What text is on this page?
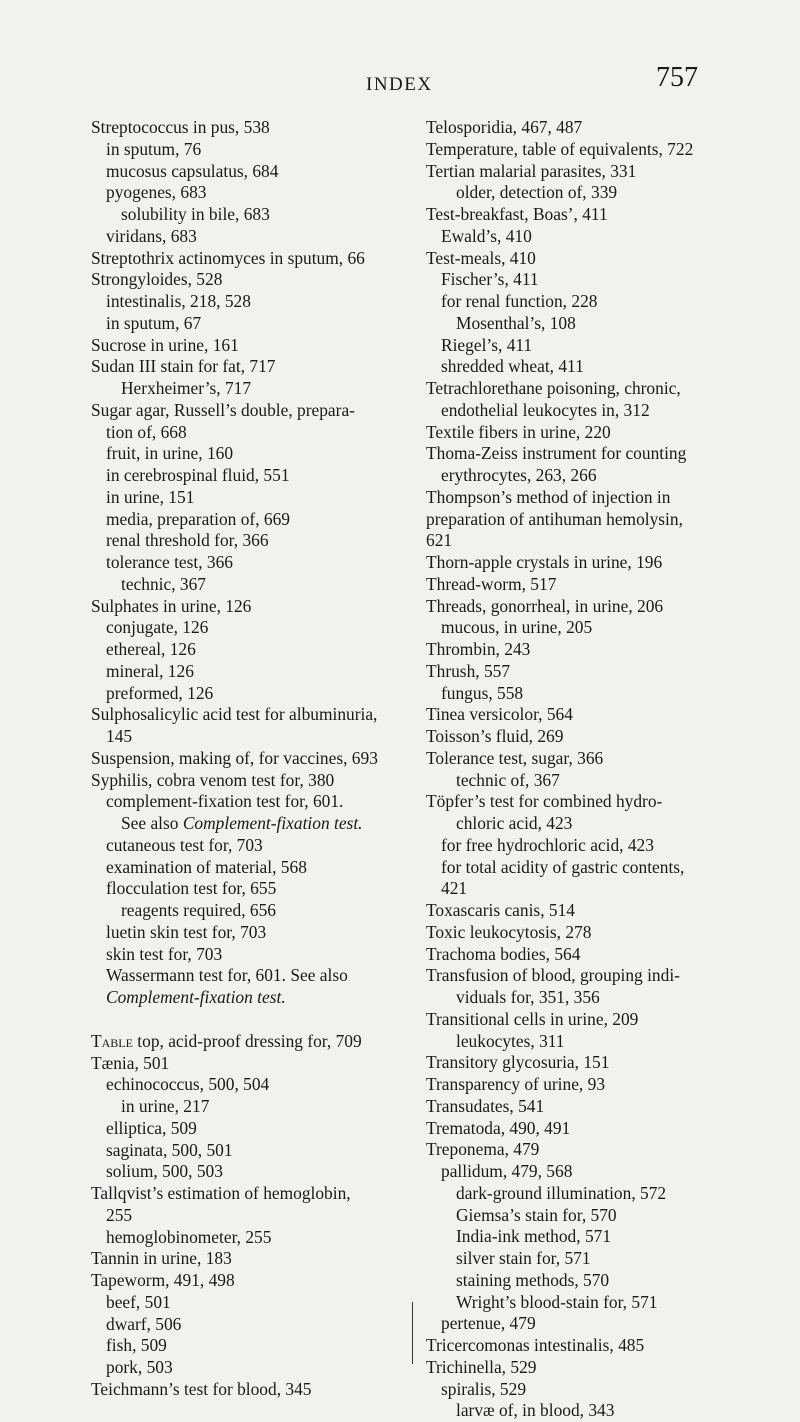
INDEX	757
Streptococcus in pus, 538
in sputum, 76
mucosus capsulatus, 684
pyogenes, 683
solubility in bile, 683
viridans, 683
Streptothrix actinomyces in sputum, 66
Strongyloides, 528
intestinalis, 218, 528
in sputum, 67
Sucrose in urine, 161
Sudan III stain for fat, 717
Herxheimer’s, 717
Sugar agar, Russell’s double, prepara-
tion of, 668
fruit, in urine, 160
in cerebrospinal fluid, 551
in urine, 151
media, preparation of, 669
renal threshold for, 366
tolerance test, 366
technic, 367
Sulphates in urine, 126
conjugate, 126
ethereal, 126
mineral, 126
preformed, 126
Sulphosalicylic acid test for albuminuria,
145
Suspension, making of, for vaccines, 693
Syphilis, cobra venom test for, 380
complement-fixation test for, 601.
See also Complement-fixation test.
cutaneous test for, 703
examination of material, 568
flocculation test for, 655
reagents required, 656
luetin skin test for, 703
skin test for, 703
Wassermann test for, 601. See also
Complement-fixation test.
Table top, acid-proof dressing for, 709
Tænia, 501
echinococcus, 500, 504
in urine, 217
elliptica, 509
saginata, 500, 501
solium, 500, 503
Tallqvist’s estimation of hemoglobin,
255
hemoglobinometer, 255
Tannin in urine, 183
Tapeworm, 491, 498
beef, 501
dwarf, 506
fish, 509
pork, 503
Teichmann’s test for blood, 345
Telosporidia, 467, 487
Temperature, table of equivalents, 722
Tertian malarial parasites, 331
older, detection of, 339
Test-breakfast, Boas’, 411
Ewald’s, 410
Test-meals, 410
Fischer’s, 411
for renal function, 228
Mosenthal’s, 108
Riegel’s, 411
shredded wheat, 411
Tetrachlorethane poisoning, chronic,
endothelial leukocytes in, 312
Textile fibers in urine, 220
Thoma-Zeiss instrument for counting
erythrocytes, 263, 266
Thompson’s method of injection in
preparation of antihuman hemolysin,
621
Thorn-apple crystals in urine, 196
Thread-worm, 517
Threads, gonorrheal, in urine, 206
mucous, in urine, 205
Thrombin, 243
Thrush, 557
fungus, 558
Tinea versicolor, 564
Toisson’s fluid, 269
Tolerance test, sugar, 366
technic of, 367
Töpfer’s test for combined hydro-
chloric acid, 423
for free hydrochloric acid, 423
for total acidity of gastric contents,
421
Toxascaris canis, 514
Toxic leukocytosis, 278
Trachoma bodies, 564
Transfusion of blood, grouping indi-
viduals for, 351, 356
Transitional cells in urine, 209
leukocytes, 311
Transitory glycosuria, 151
Transparency of urine, 93
Transudates, 541
Trematoda, 490, 491
Treponema, 479
pallidum, 479, 568
dark-ground illumination, 572
Giemsa’s stain for, 570
India-ink method, 571
silver stain for, 571
staining methods, 570
Wright’s blood-stain for, 571
pertenue, 479
Tricercomonas intestinalis, 485
Trichinella, 529
spiralis, 529
larvæ of, in blood, 343
